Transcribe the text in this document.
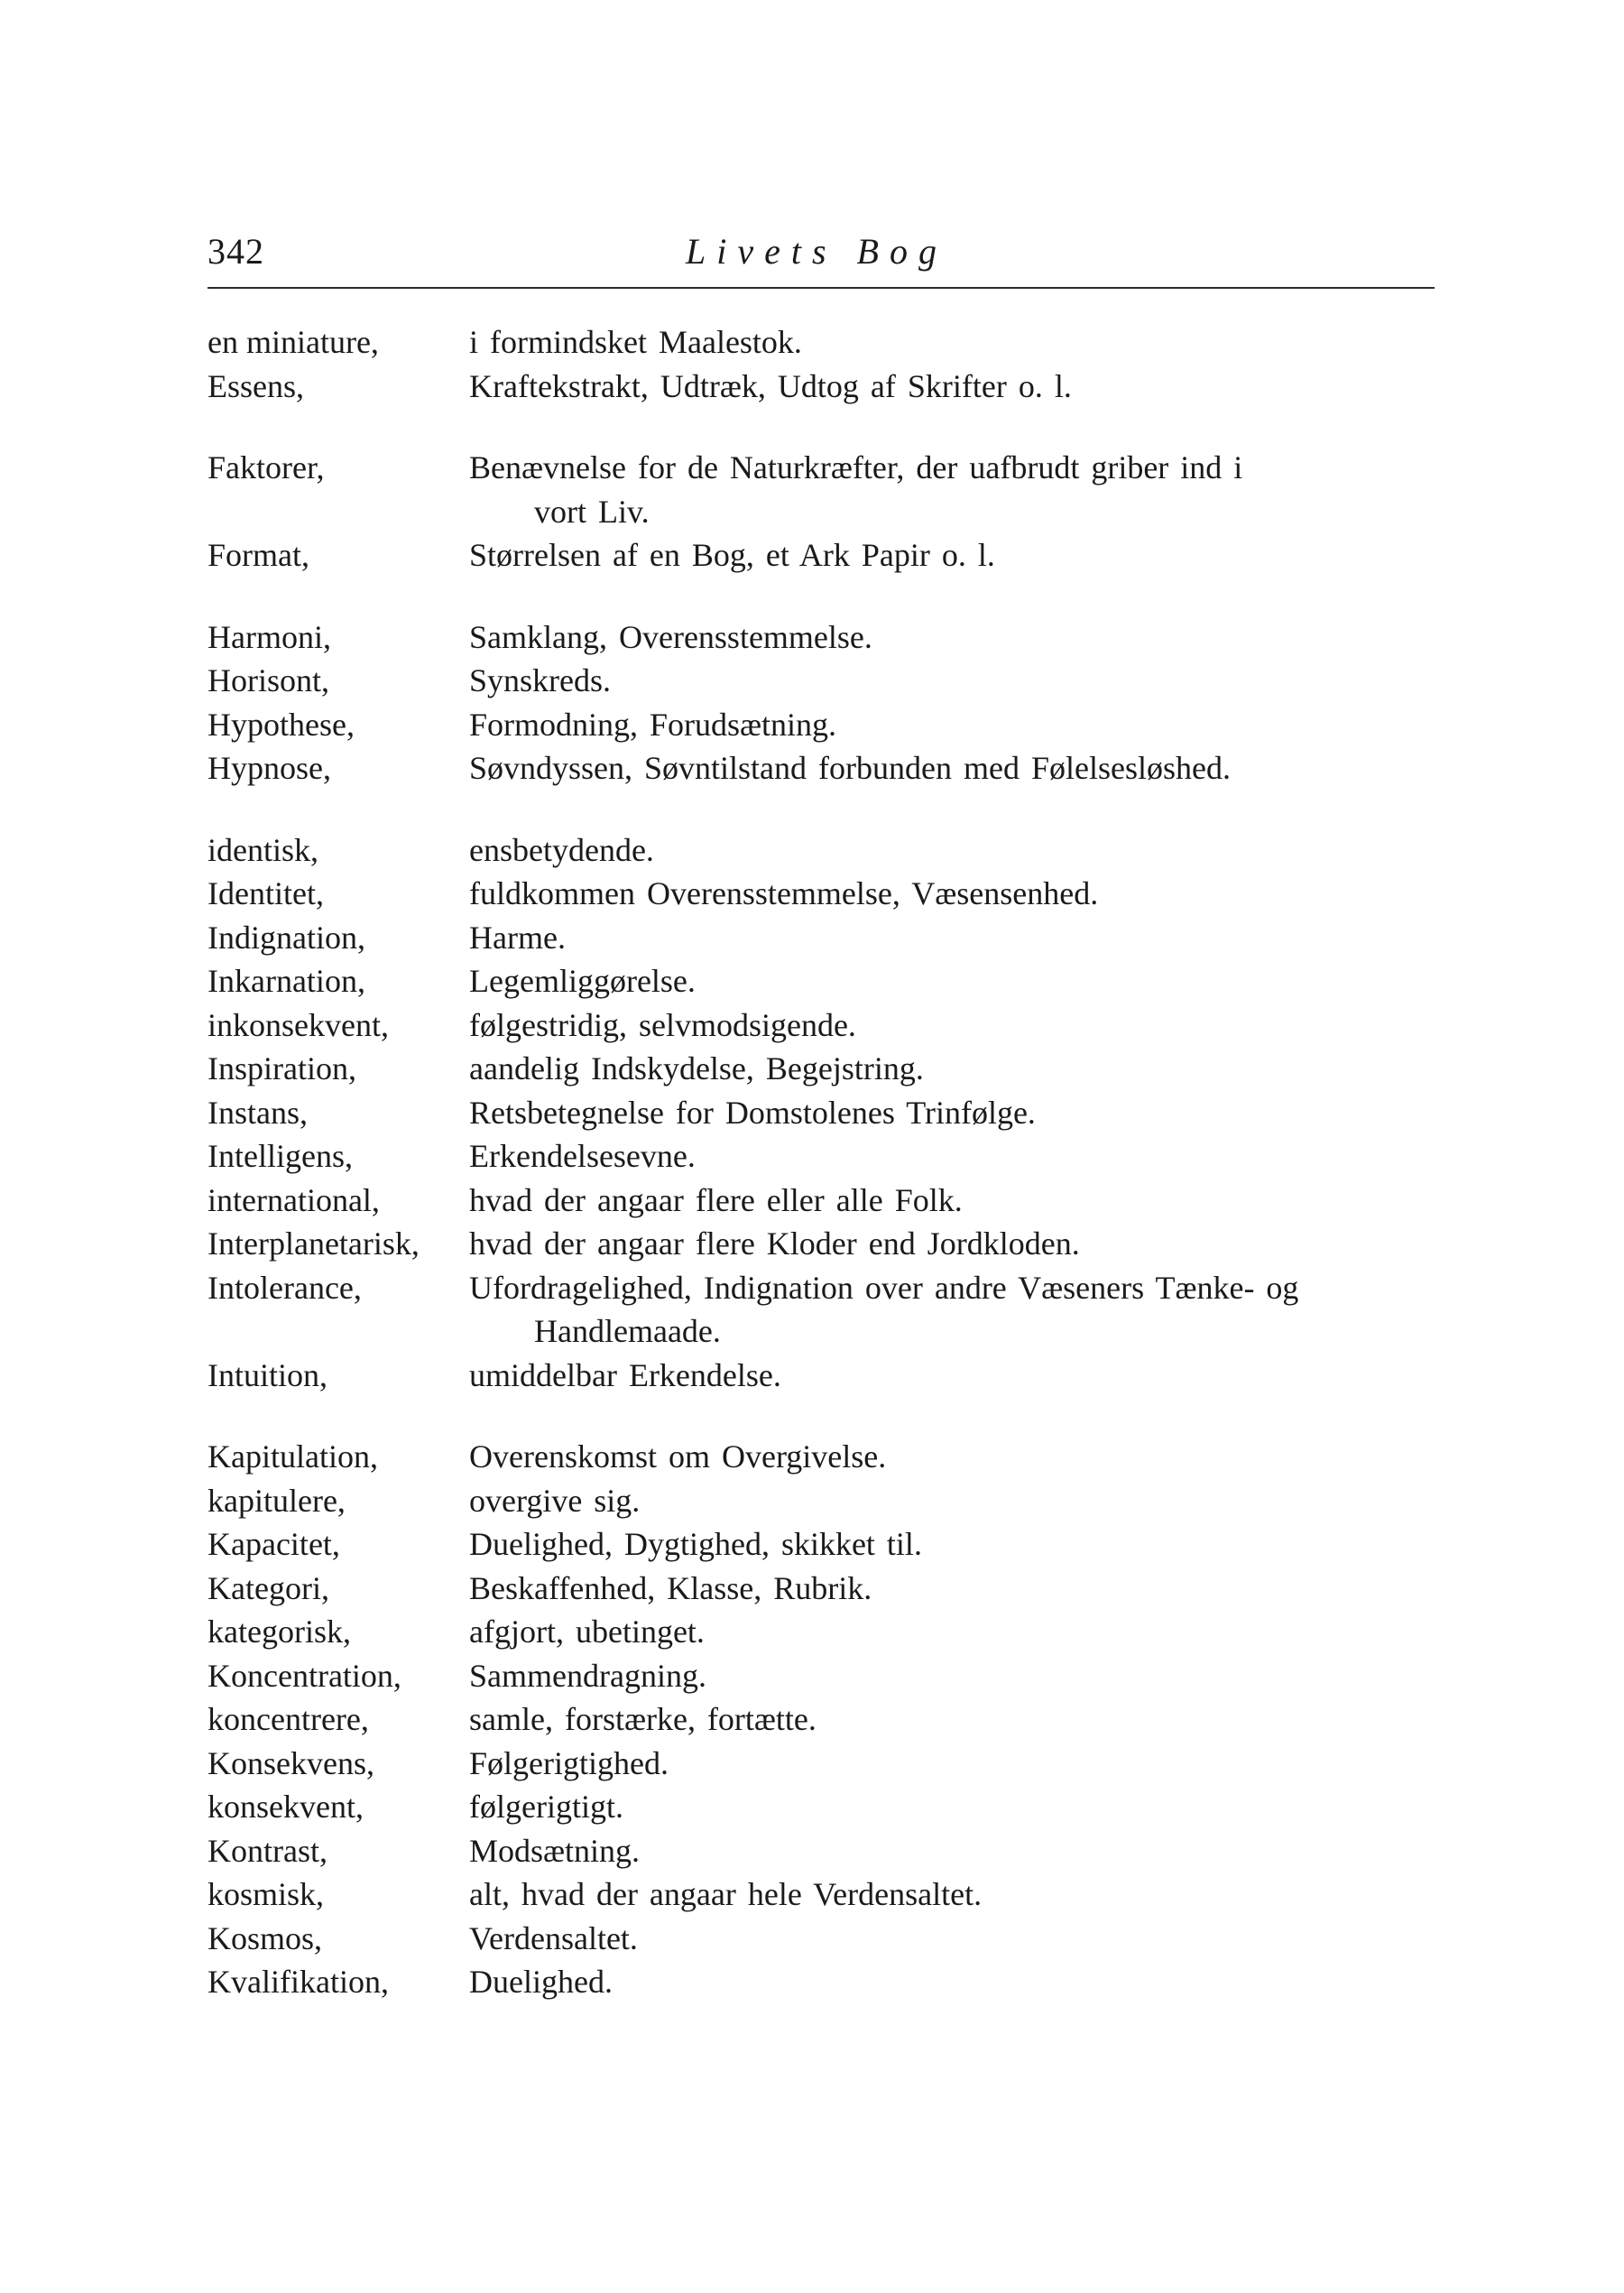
342	Livets Bog
en miniature,	i formindsket Maalestok.
Essens,	Kraftekstrakt, Udtræk, Udtog af Skrifter o. l.
Faktorer,	Benævnelse for de Naturkræfter, der uafbrudt griber ind i
vort Liv.
Format,	Størrelsen af en Bog, et Ark Papir o. l.
Harmoni,	Samklang, Overensstemmelse.
Horisont,	Synskreds.
Hypothese,	Formodning, Forudsætning.
Hypnose,	Søvndyssen, Søvntilstand forbunden med Følelsesløshed.
identisk,	ensbetydende.
Identitet,	fuldkommen Overensstemmelse, Væsensenhed.
Indignation,	Harme.
Inkarnation,	Legemliggørelse.
inkonsekvent,	følgestridig, selvmodsigende.
Inspiration,	aandelig Indskydelse, Begejstring.
Instans,	Retsbetegnelse for Domstolenes Trinfølge.
Intelligens,	Erkendelsesevne.
international,	hvad der angaar flere eller alle Folk.
Interplanetarisk,	hvad der angaar flere Kloder end Jordkloden.
Intolerance,	Ufordragelighed, Indignation over andre Væseners Tænke- og
Handlemaade.
Intuition,	umiddelbar Erkendelse.
Kapitulation,	Overenskomst om Overgivelse.
kapitulere,	overgive sig.
Kapacitet,	Duelighed, Dygtighed, skikket til.
Kategori,	Beskaffenhed, Klasse, Rubrik.
kategorisk,	afgjort, ubetinget.
Koncentration,	Sammendragning.
koncentrere,	samle, forstærke, fortætte.
Konsekvens,	Følgerigtighed.
konsekvent,	følgerigtigt.
Kontrast,	Modsætning.
kosmisk,	alt, hvad der angaar hele Verdensaltet.
Kosmos,	Verdensaltet.
Kvalifikation,	Duelighed.
